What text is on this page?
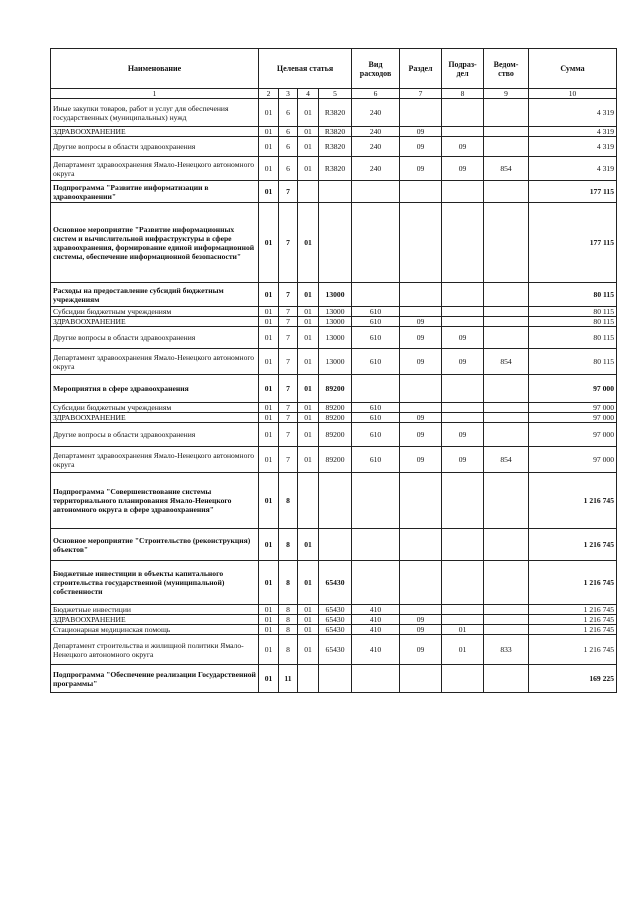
Наименование	Целевая статья				Вид расходов	Раздел	Подраз-дел	Ведом-ство	Сумма
1	2	3	4	5	6	7	8	9	10
Иные закупки товаров, работ и услуг для обеспечения государственных (муниципальных) нужд	01	6	01	R3820	240				4 319
ЗДРАВООХРАНЕНИЕ	01	6	01	R3820	240	09			4 319
Другие вопросы в области здравоохранения	01	6	01	R3820	240	09	09		4 319
Департамент здравоохранения Ямало-Ненецкого автономного округа	01	6	01	R3820	240	09	09	854	4 319
Подпрограмма "Развитие информатизации в здравоохранении"	01	7							177 115
Основное мероприятие "Развитие информационных систем и вычислительной инфраструктуры в сфере здравоохранения, формирование единой информационной системы, обеспечение информационной безопасности"	01	7	01						177 115
Расходы на предоставление субсидий бюджетным учреждениям	01	7	01	13000					80 115
Субсидии бюджетным учреждениям	01	7	01	13000	610				80 115
ЗДРАВООХРАНЕНИЕ	01	7	01	13000	610	09			80 115
Другие вопросы в области здравоохранения	01	7	01	13000	610	09	09		80 115
Департамент здравоохранения Ямало-Ненецкого автономного округа	01	7	01	13000	610	09	09	854	80 115
Мероприятия в сфере здравоохранения	01	7	01	89200					97 000
Субсидии бюджетным учреждениям	01	7	01	89200	610				97 000
ЗДРАВООХРАНЕНИЕ	01	7	01	89200	610	09			97 000
Другие вопросы в области здравоохранения	01	7	01	89200	610	09	09		97 000
Департамент здравоохранения Ямало-Ненецкого автономного округа	01	7	01	89200	610	09	09	854	97 000
Подпрограмма "Совершенствование системы территориального планирования Ямало-Ненецкого автономного округа в сфере здравоохранения"	01	8							1 216 745
Основное мероприятие "Строительство (реконструкция) объектов"	01	8	01						1 216 745
Бюджетные инвестиции в объекты капитального строительства государственной (муниципальной) собственности	01	8	01	65430					1 216 745
Бюджетные инвестиции	01	8	01	65430	410				1 216 745
ЗДРАВООХРАНЕНИЕ	01	8	01	65430	410	09			1 216 745
Стационарная медицинская помощь	01	8	01	65430	410	09	01		1 216 745
Департамент строительства и жилищной политики Ямало-Ненецкого автономного округа	01	8	01	65430	410	09	01	833	1 216 745
Подпрограмма "Обеспечение реализации Государственной программы"	01	11							169 225
